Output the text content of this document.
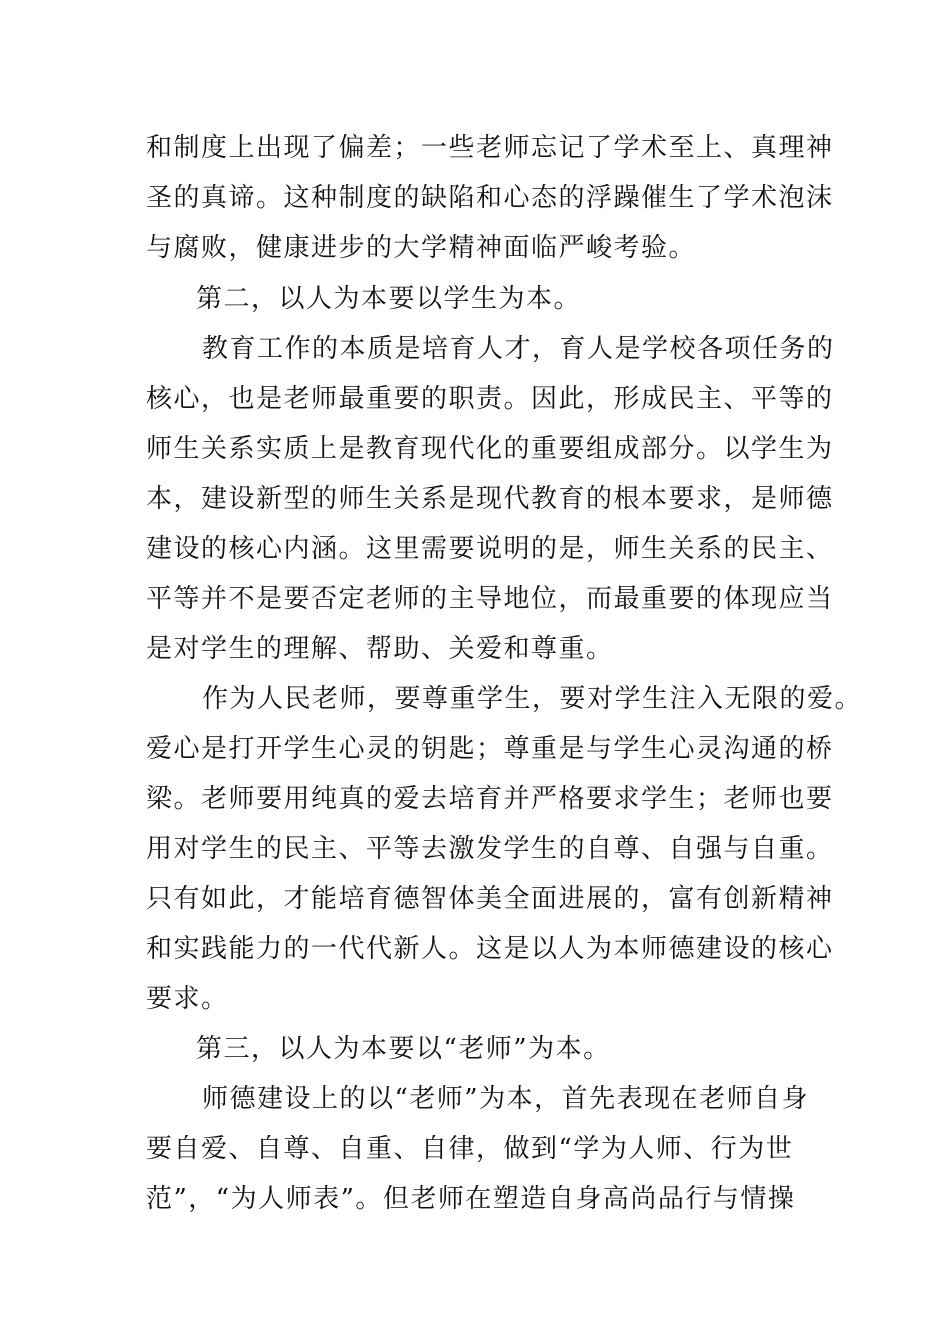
和制度上出现了偏差；一些老师忘记了学术至上、真理神
圣的真谛。这种制度的缺陷和心态的浮躁催生了学术泡沫
与腐败，健康进步的大学精神面临严峻考验。
第二，以人为本要以学生为本。
教育工作的本质是培育人才，育人是学校各项任务的
核心，也是老师最重要的职责。因此，形成民主、平等的
师生关系实质上是教育现代化的重要组成部分。以学生为
本，建设新型的师生关系是现代教育的根本要求，是师德
建设的核心内涵。这里需要说明的是，师生关系的民主、
平等并不是要否定老师的主导地位，而最重要的体现应当
是对学生的理解、帮助、关爱和尊重。
作为人民老师，要尊重学生，要对学生注入无限的爱。
爱心是打开学生心灵的钥匙；尊重是与学生心灵沟通的桥
梁。老师要用纯真的爱去培育并严格要求学生；老师也要
用对学生的民主、平等去激发学生的自尊、自强与自重。
只有如此，才能培育德智体美全面进展的，富有创新精神
和实践能力的一代代新人。这是以人为本师德建设的核心
要求。
第三，以人为本要以“老师”为本。
师德建设上的以“老师”为本，首先表现在老师自身
要自爱、自尊、自重、自律，做到“学为人师、行为世
范”，“为人师表”。但老师在塑造自身高尚品行与情操
